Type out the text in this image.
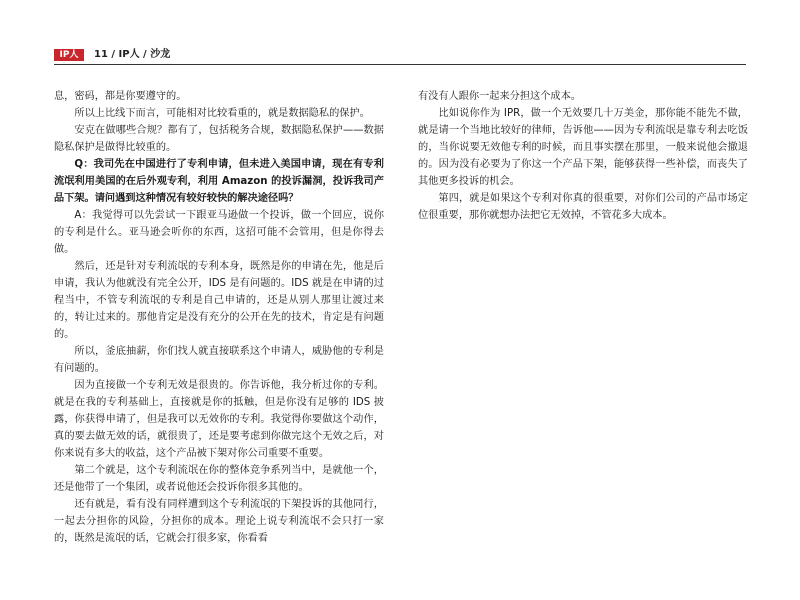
IP人	11 / IP人 / 沙龙

息，密码，都是你要遵守的。

所以上比线下而言，可能相对比较看重的，就是数据隐私的保护。

安克在做哪些合规？都有了，包括税务合规，数据隐私保护——数据隐私保护是做得比较重的。

Q：我司先在中国进行了专利申请，但未进入美国申请，现在有专利流氓利用美国的在后外观专利，利用 Amazon 的投诉漏洞，投诉我司产品下架。请问遇到这种情况有较好较快的解决途径吗？

A：我觉得可以先尝试一下跟亚马逊做一个投诉，做一个回应，说你的专利是什么。亚马逊会听你的东西，这招可能不会管用，但是你得去做。

然后，还是针对专利流氓的专利本身，既然是你的申请在先，他是后申请，我认为他就没有完全公开，IDS 是有问题的。IDS 就是在申请的过程当中，不管专利流氓的专利是自己申请的，还是从别人那里让渡过来的，转让过来的。那他肯定是没有充分的公开在先的技术，肯定是有问题的。

所以，釜底抽薪，你们找人就直接联系这个申请人，威胁他的专利是有问题的。

因为直接做一个专利无效是很贵的。你告诉他，我分析过你的专利。就是在我的专利基础上，直接就是你的抵触，但是你没有足够的 IDS 披露，你获得申请了，但是我可以无效你的专利。我觉得你要做这个动作，真的要去做无效的话，就很贵了，还是要考虑到你做完这个无效之后，对你来说有多大的收益，这个产品被下架对你公司重要不重要。

第二个就是，这个专利流氓在你的整体竞争系列当中，是就他一个，还是他带了一个集团，或者说他还会投诉你很多其他的。

还有就是，看有没有同样遭到这个专利流氓的下架投诉的其他同行，一起去分担你的风险，分担你的成本。理论上说专利流氓不会只打一家的，既然是流氓的话，它就会打很多家，你看看

有没有人跟你一起来分担这个成本。

比如说你作为 IPR，做一个无效要几十万美金，那你能不能先不做，就是请一个当地比较好的律师，告诉他——因为专利流氓是靠专利去吃饭的，当你说要无效他专利的时候，而且事实摆在那里，一般来说他会撤退的。因为没有必要为了你这一个产品下架，能够获得一些补偿，而丧失了其他更多投诉的机会。

第四，就是如果这个专利对你真的很重要，对你们公司的产品市场定位很重要，那你就想办法把它无效掉，不管花多大成本。
